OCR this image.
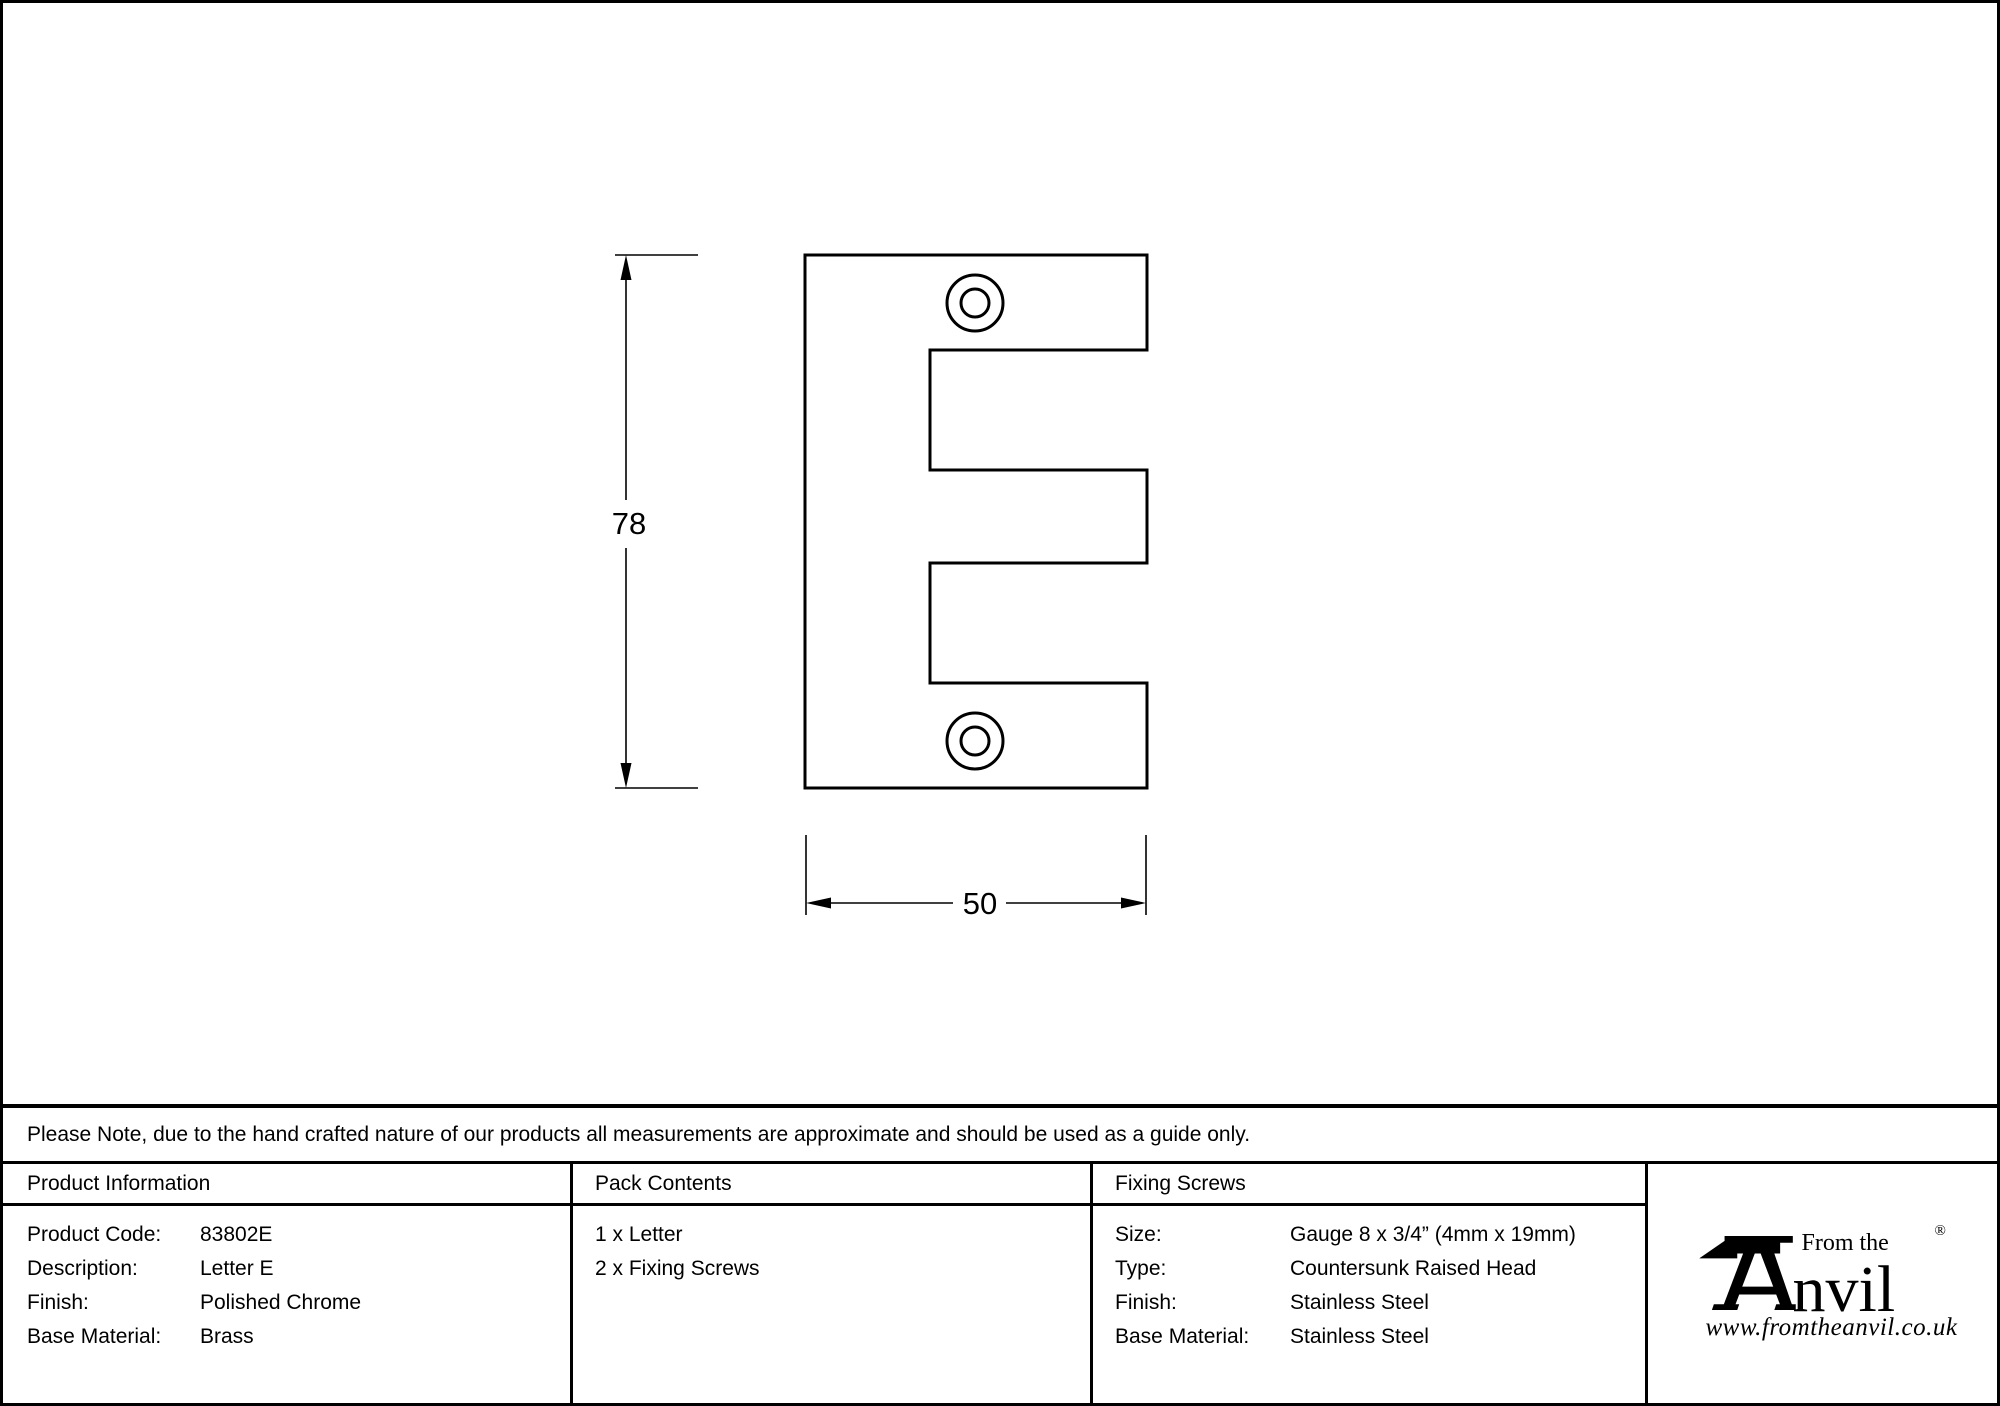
78
50
Please Note, due to the hand crafted nature of our products all measurements are approximate and should be used as a guide only.
Product Information
Product Code:	83802E
Description:	Letter E
Finish:	Polished Chrome
Base Material:	Brass
Pack Contents
1 x Letter
2 x Fixing Screws
Fixing Screws
Size:	Gauge 8 x 3/4” (4mm x 19mm)
Type:	Countersunk Raised Head
Finish:	Stainless Steel
Base Material:	Stainless Steel
From the
nvil
®
www.fromtheanvil.co.uk
